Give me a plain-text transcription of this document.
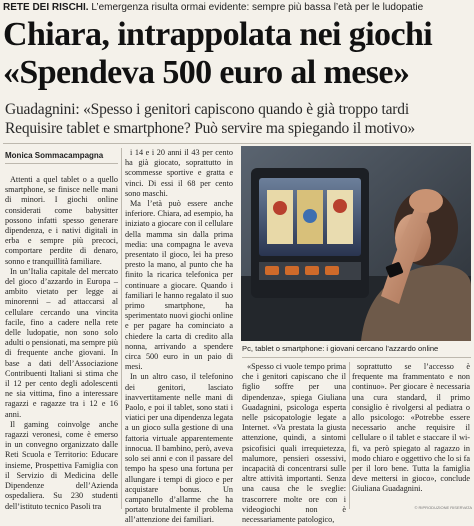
RETE DEI RISCHI. L’emergenza risulta ormai evidente: sempre più bassa l’età per le ludopatie
Chiara, intrappolata nei giochi
«Spendeva 500 euro al mese»
Guadagnini: «Spesso i genitori capiscono quando è già troppo tardi
Requisire tablet e smartphone? Può servire ma spiegando il motivo»
Monica Sommacampagna

Attenti a quel tablet o a quello smartphone, se finisce nelle mani di minori. I giochi online considerati come babysitter possono infatti spesso generare dipendenza, e i nativi digitali in erba e sempre più precoci, comportare perdite di denaro, sonno e tranquillità familiare.

In un’Italia capitale del mercato del gioco d’azzardo in Europa – ambito vietato per legge ai minorenni – ad attaccarsi al cellulare cercando una vincita facile, fino a cadere nella rete delle ludopatie, non sono solo adulti o pensionati, ma sempre più di frequente anche giovani. In base a dati dell’Associazione Contribuenti Italiani si stima che il 12 per cento degli adolescenti ne sia vittima, fino a interessare ragazzi e ragazze tra i 12 e 16 anni.

Il gaming coinvolge anche ragazzi veronesi, come è emerso in un convegno organizzato dalle Reti Scuola e Territorio: Educare insieme, Prospettiva Famiglia con il Servizio di Medicina delle Dipendenze dell’Azienda ospedaliera. Su 230 studenti dell’istituto tecnico Pasoli tra

i 14 e i 20 anni il 43 per cento ha già giocato, soprattutto in scommesse sportive e gratta e vinci. Di essi il 68 per cento sono maschi.

Ma l’età può essere anche inferiore. Chiara, ad esempio, ha iniziato a giocare con il cellulare della mamma sin dalla prima media: una compagna le aveva presentato il gioco, lei ha preso presto la mano, al punto che ha finito la ricarica telefonica per continuare a giocare. Quando i familiari le hanno regalato il suo primo smartphone, ha sperimentato nuovi giochi online e per pagare ha cominciato a chiedere la carta di credito alla nonna, arrivando a spendere circa 500 euro in un paio di mesi.

In un altro caso, il telefonino dei genitori, lasciato inavvertitamente nelle mani di Paolo, e poi il tablet, sono stati i viatici per una dipendenza legata a un gioco sulla gestione di una fattoria virtuale apparentemente innocua. Il bambino, però, aveva solo sei anni e con il passare del tempo ha speso una fortuna per allungare i tempi di gioco e per acquistare bonus. Un campanello d’allarme che ha portato brutalmente il problema all’attenzione dei familiari.

Pc, tablet o smartphone: i giovani cercano l’azzardo online

«Spesso ci vuole tempo prima che i genitori capiscano che il figlio soffre per una dipendenza», spiega Giuliana Guadagnini, psicologa esperta nelle psicopatologie legate a Internet. «Va prestata la giusta attenzione, quindi, a sintomi psicofisici quali irrequietezza, malumore, pensieri ossessivi, incapacità di concentrarsi sulle altre attività importanti. Senza una causa che le sveglie: trascorrere molte ore con i videogiochi non è necessariamente patologico,

soprattutto se l’accesso è frequente ma frammentato e non continuo». Per giocare è necessaria una cura standard, il primo consiglio è rivolgersi al pediatra o allo psicologo: «Potrebbe essere necessario anche requisire il cellulare o il tablet e staccare il wi-fi, va però spiegato al ragazzo in modo chiaro e oggettivo che lo si fa per il loro bene. Tutta la famiglia deve mettersi in gioco», conclude Giuliana Guadagnini.

© RIPRODUZIONE RISERVATA
